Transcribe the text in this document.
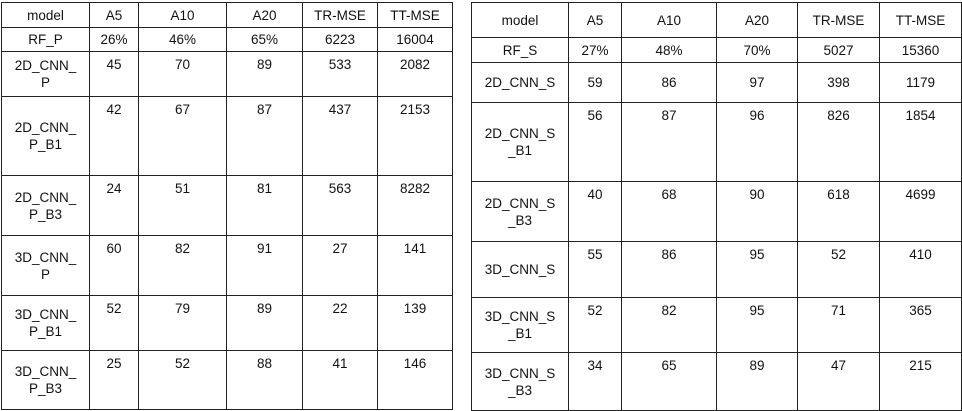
model	A5	A10	A20	TR-MSE	TT-MSE
RF_P	26%	46%	65%	6223	16004
2D_CNN_
P	45	70	89	533	2082
2D_CNN_
P_B1	42	67	87	437	2153
2D_CNN_
P_B3	24	51	81	563	8282
3D_CNN_
P	60	82	91	27	141
3D_CNN_
P_B1	52	79	89	22	139
3D_CNN_
P_B3	25	52	88	41	146
model	A5	A10	A20	TR-MSE	TT-MSE
RF_S	27%	48%	70%	5027	15360
2D_CNN_S	59	86	97	398	1179
2D_CNN_S
_B1	56	87	96	826	1854
2D_CNN_S
_B3	40	68	90	618	4699
3D_CNN_S	55	86	95	52	410
3D_CNN_S
_B1	52	82	95	71	365
3D_CNN_S
_B3	34	65	89	47	215
